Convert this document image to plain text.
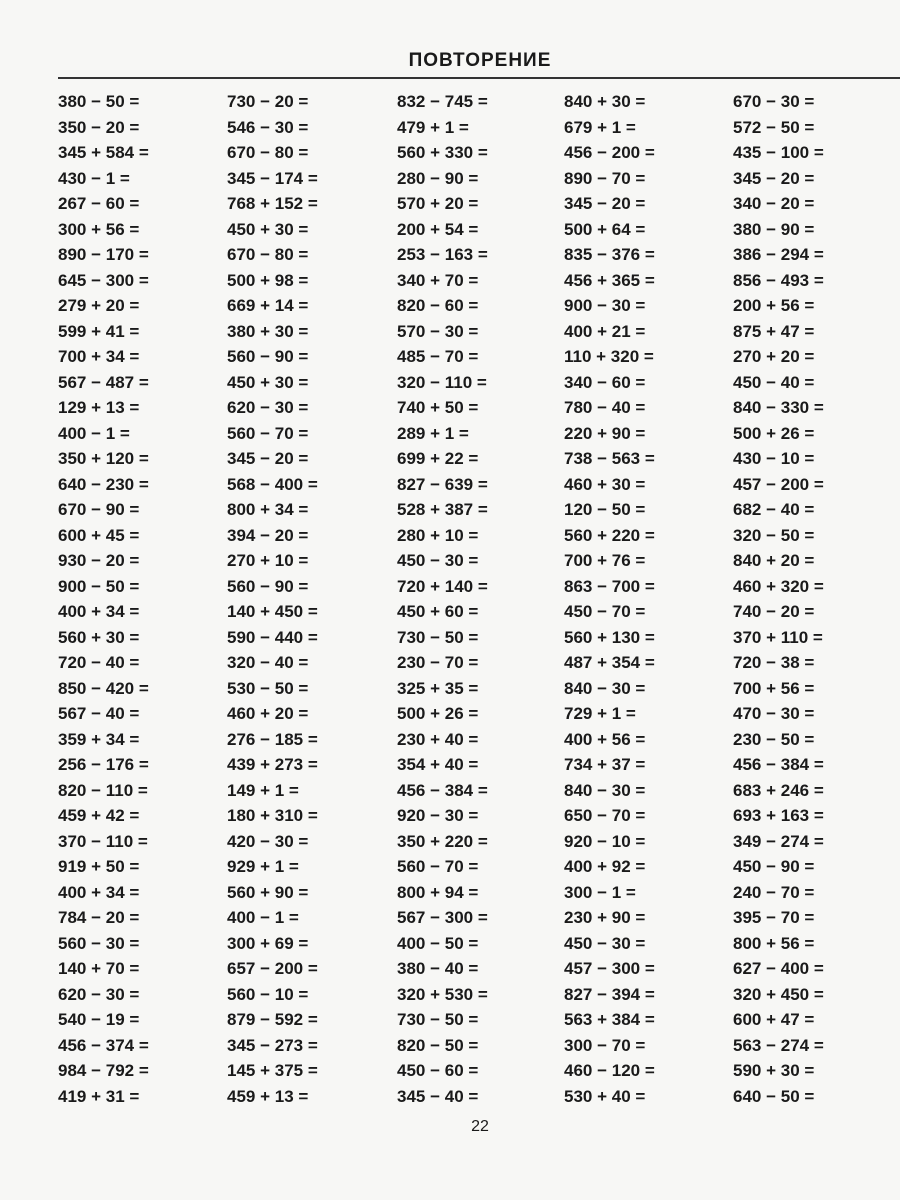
ПОВТОРЕНИЕ
380 − 50 =
350 − 20 =
345 + 584 =
430 − 1 =
267 − 60 =
300 + 56 =
890 − 170 =
645 − 300 =
279 + 20 =
599 + 41 =
700 + 34 =
567 − 487 =
129 + 13 =
400 − 1 =
350 + 120 =
640 − 230 =
670 − 90 =
600 + 45 =
930 − 20 =
900 − 50 =
400 + 34 =
560 + 30 =
720 − 40 =
850 − 420 =
567 − 40 =
359 + 34 =
256 − 176 =
820 − 110 =
459 + 42 =
370 − 110 =
919 + 50 =
400 + 34 =
784 − 20 =
560 − 30 =
140 + 70 =
620 − 30 =
540 − 19 =
456 − 374 =
984 − 792 =
419 + 31 =
730 − 20 =
546 − 30 =
670 − 80 =
345 − 174 =
768 + 152 =
450 + 30 =
670 − 80 =
500 + 98 =
669 + 14 =
380 + 30 =
560 − 90 =
450 + 30 =
620 − 30 =
560 − 70 =
345 − 20 =
568 − 400 =
800 + 34 =
394 − 20 =
270 + 10 =
560 − 90 =
140 + 450 =
590 − 440 =
320 − 40 =
530 − 50 =
460 + 20 =
276 − 185 =
439 + 273 =
149 + 1 =
180 + 310 =
420 − 30 =
929 + 1 =
560 + 90 =
400 − 1 =
300 + 69 =
657 − 200 =
560 − 10 =
879 − 592 =
345 − 273 =
145 + 375 =
459 + 13 =
832 − 745 =
479 + 1 =
560 + 330 =
280 − 90 =
570 + 20 =
200 + 54 =
253 − 163 =
340 + 70 =
820 − 60 =
570 − 30 =
485 − 70 =
320 − 110 =
740 + 50 =
289 + 1 =
699 + 22 =
827 − 639 =
528 + 387 =
280 + 10 =
450 − 30 =
720 + 140 =
450 + 60 =
730 − 50 =
230 − 70 =
325 + 35 =
500 + 26 =
230 + 40 =
354 + 40 =
456 − 384 =
920 − 30 =
350 + 220 =
560 − 70 =
800 + 94 =
567 − 300 =
400 − 50 =
380 − 40 =
320 + 530 =
730 − 50 =
820 − 50 =
450 − 60 =
345 − 40 =
840 + 30 =
679 + 1 =
456 − 200 =
890 − 70 =
345 − 20 =
500 + 64 =
835 − 376 =
456 + 365 =
900 − 30 =
400 + 21 =
110 + 320 =
340 − 60 =
780 − 40 =
220 + 90 =
738 − 563 =
460 + 30 =
120 − 50 =
560 + 220 =
700 + 76 =
863 − 700 =
450 − 70 =
560 + 130 =
487 + 354 =
840 − 30 =
729 + 1 =
400 + 56 =
734 + 37 =
840 − 30 =
650 − 70 =
920 − 10 =
400 + 92 =
300 − 1 =
230 + 90 =
450 − 30 =
457 − 300 =
827 − 394 =
563 + 384 =
300 − 70 =
460 − 120 =
530 + 40 =
670 − 30 =
572 − 50 =
435 − 100 =
345 − 20 =
340 − 20 =
380 − 90 =
386 − 294 =
856 − 493 =
200 + 56 =
875 + 47 =
270 + 20 =
450 − 40 =
840 − 330 =
500 + 26 =
430 − 10 =
457 − 200 =
682 − 40 =
320 − 50 =
840 + 20 =
460 + 320 =
740 − 20 =
370 + 110 =
720 − 38 =
700 + 56 =
470 − 30 =
230 − 50 =
456 − 384 =
683 + 246 =
693 + 163 =
349 − 274 =
450 − 90 =
240 − 70 =
395 − 70 =
800 + 56 =
627 − 400 =
320 + 450 =
600 + 47 =
563 − 274 =
590 + 30 =
640 − 50 =
22
